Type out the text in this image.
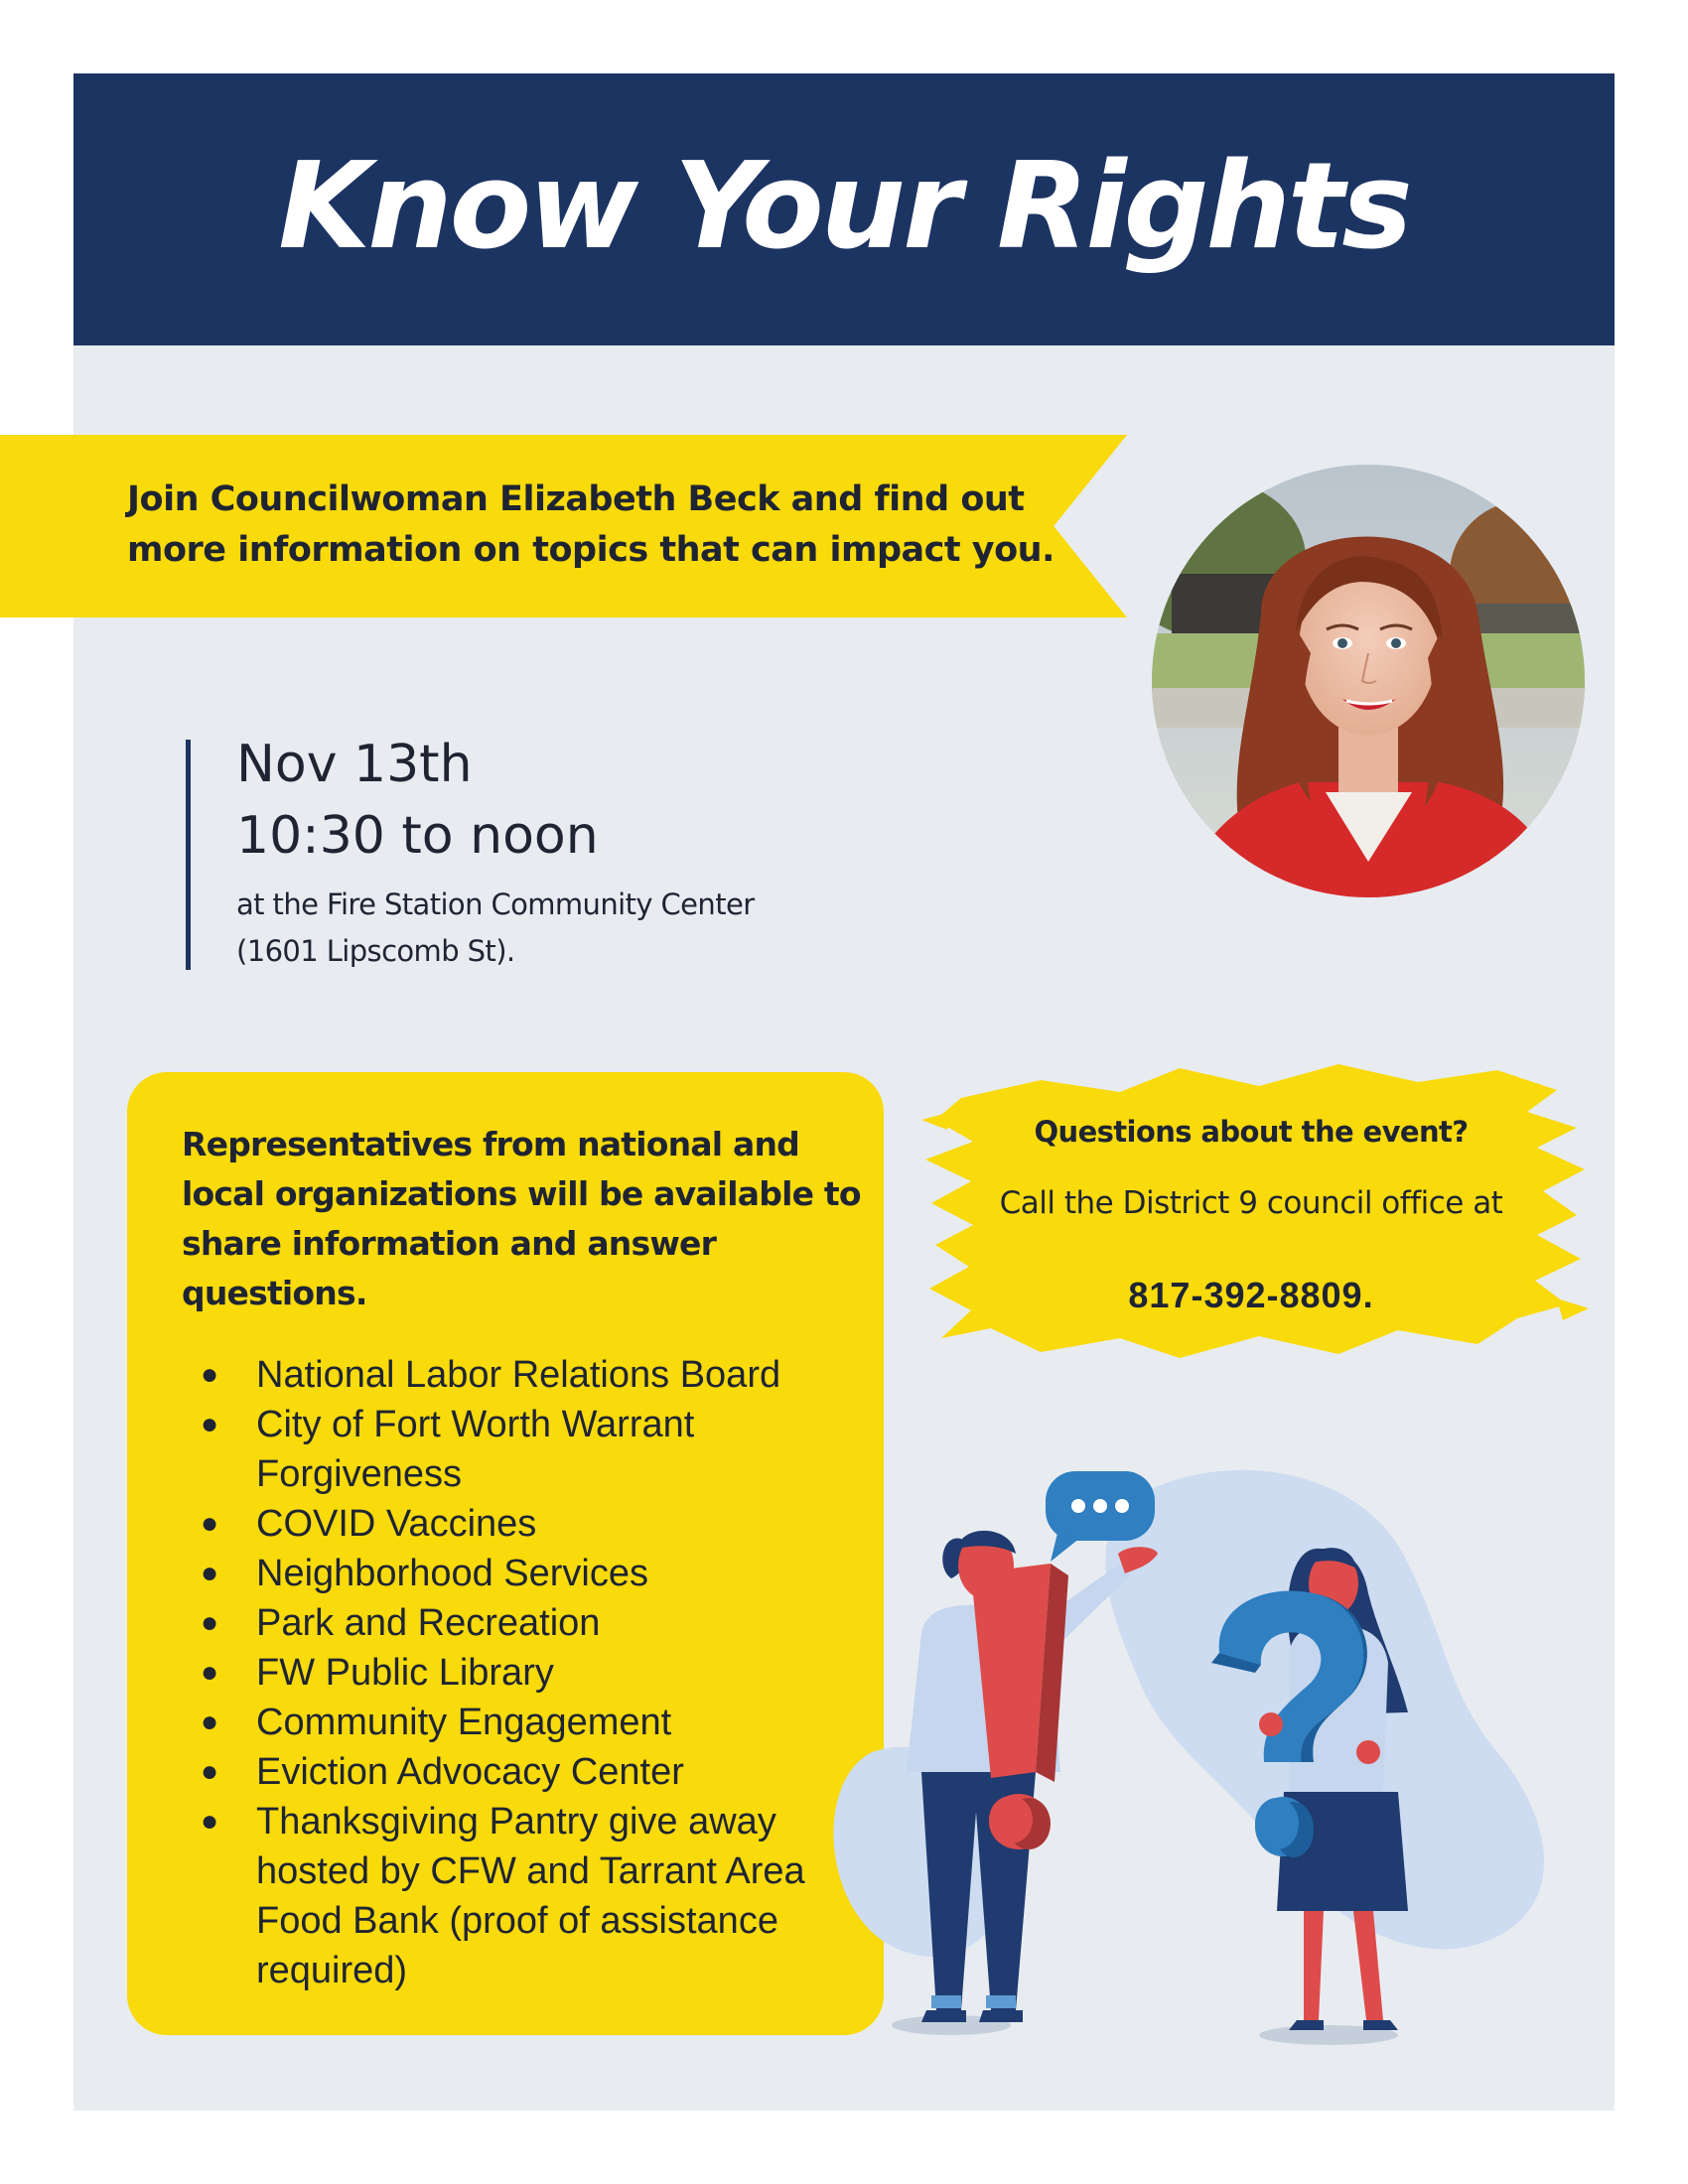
Know Your Rights
Join Councilwoman Elizabeth Beck and find out more information on topics that can impact you.
Nov 13th
10:30 to noon
at the Fire Station Community Center
(1601 Lipscomb St).
Representatives from national and local organizations will be available to share information and answer questions.
● National Labor Relations Board
● City of Fort Worth Warrant Forgiveness
● COVID Vaccines
● Neighborhood Services
● Park and Recreation
● FW Public Library
● Community Engagement
● Eviction Advocacy Center
● Thanksgiving Pantry give away hosted by CFW and Tarrant Area Food Bank (proof of assistance required)
Questions about the event?
Call the District 9 council office at
817-392-8809.
